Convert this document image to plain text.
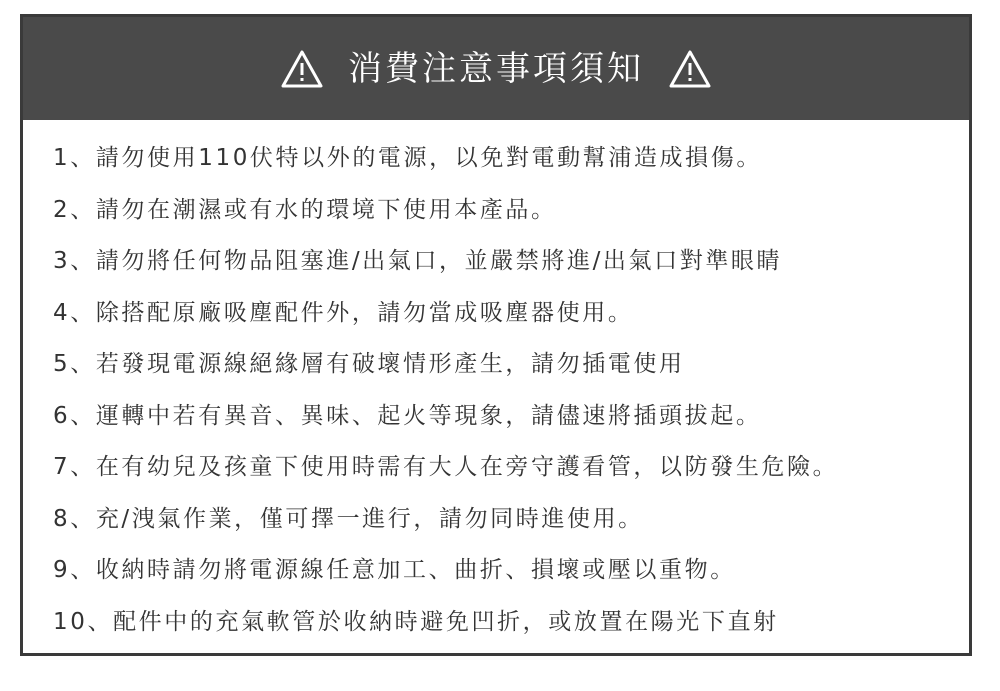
消費注意事項須知
1、請勿使用110伏特以外的電源，以免對電動幫浦造成損傷。
2、請勿在潮濕或有水的環境下使用本產品。
3、請勿將任何物品阻塞進/出氣口，並嚴禁將進/出氣口對準眼睛
4、除搭配原廠吸塵配件外，請勿當成吸塵器使用。
5、若發現電源線絕緣層有破壞情形產生，請勿插電使用
6、運轉中若有異音、異味、起火等現象，請儘速將插頭拔起。
7、在有幼兒及孩童下使用時需有大人在旁守護看管，以防發生危險。
8、充/洩氣作業，僅可擇一進行，請勿同時進使用。
9、收納時請勿將電源線任意加工、曲折、損壞或壓以重物。
10、配件中的充氣軟管於收納時避免凹折，或放置在陽光下直射
